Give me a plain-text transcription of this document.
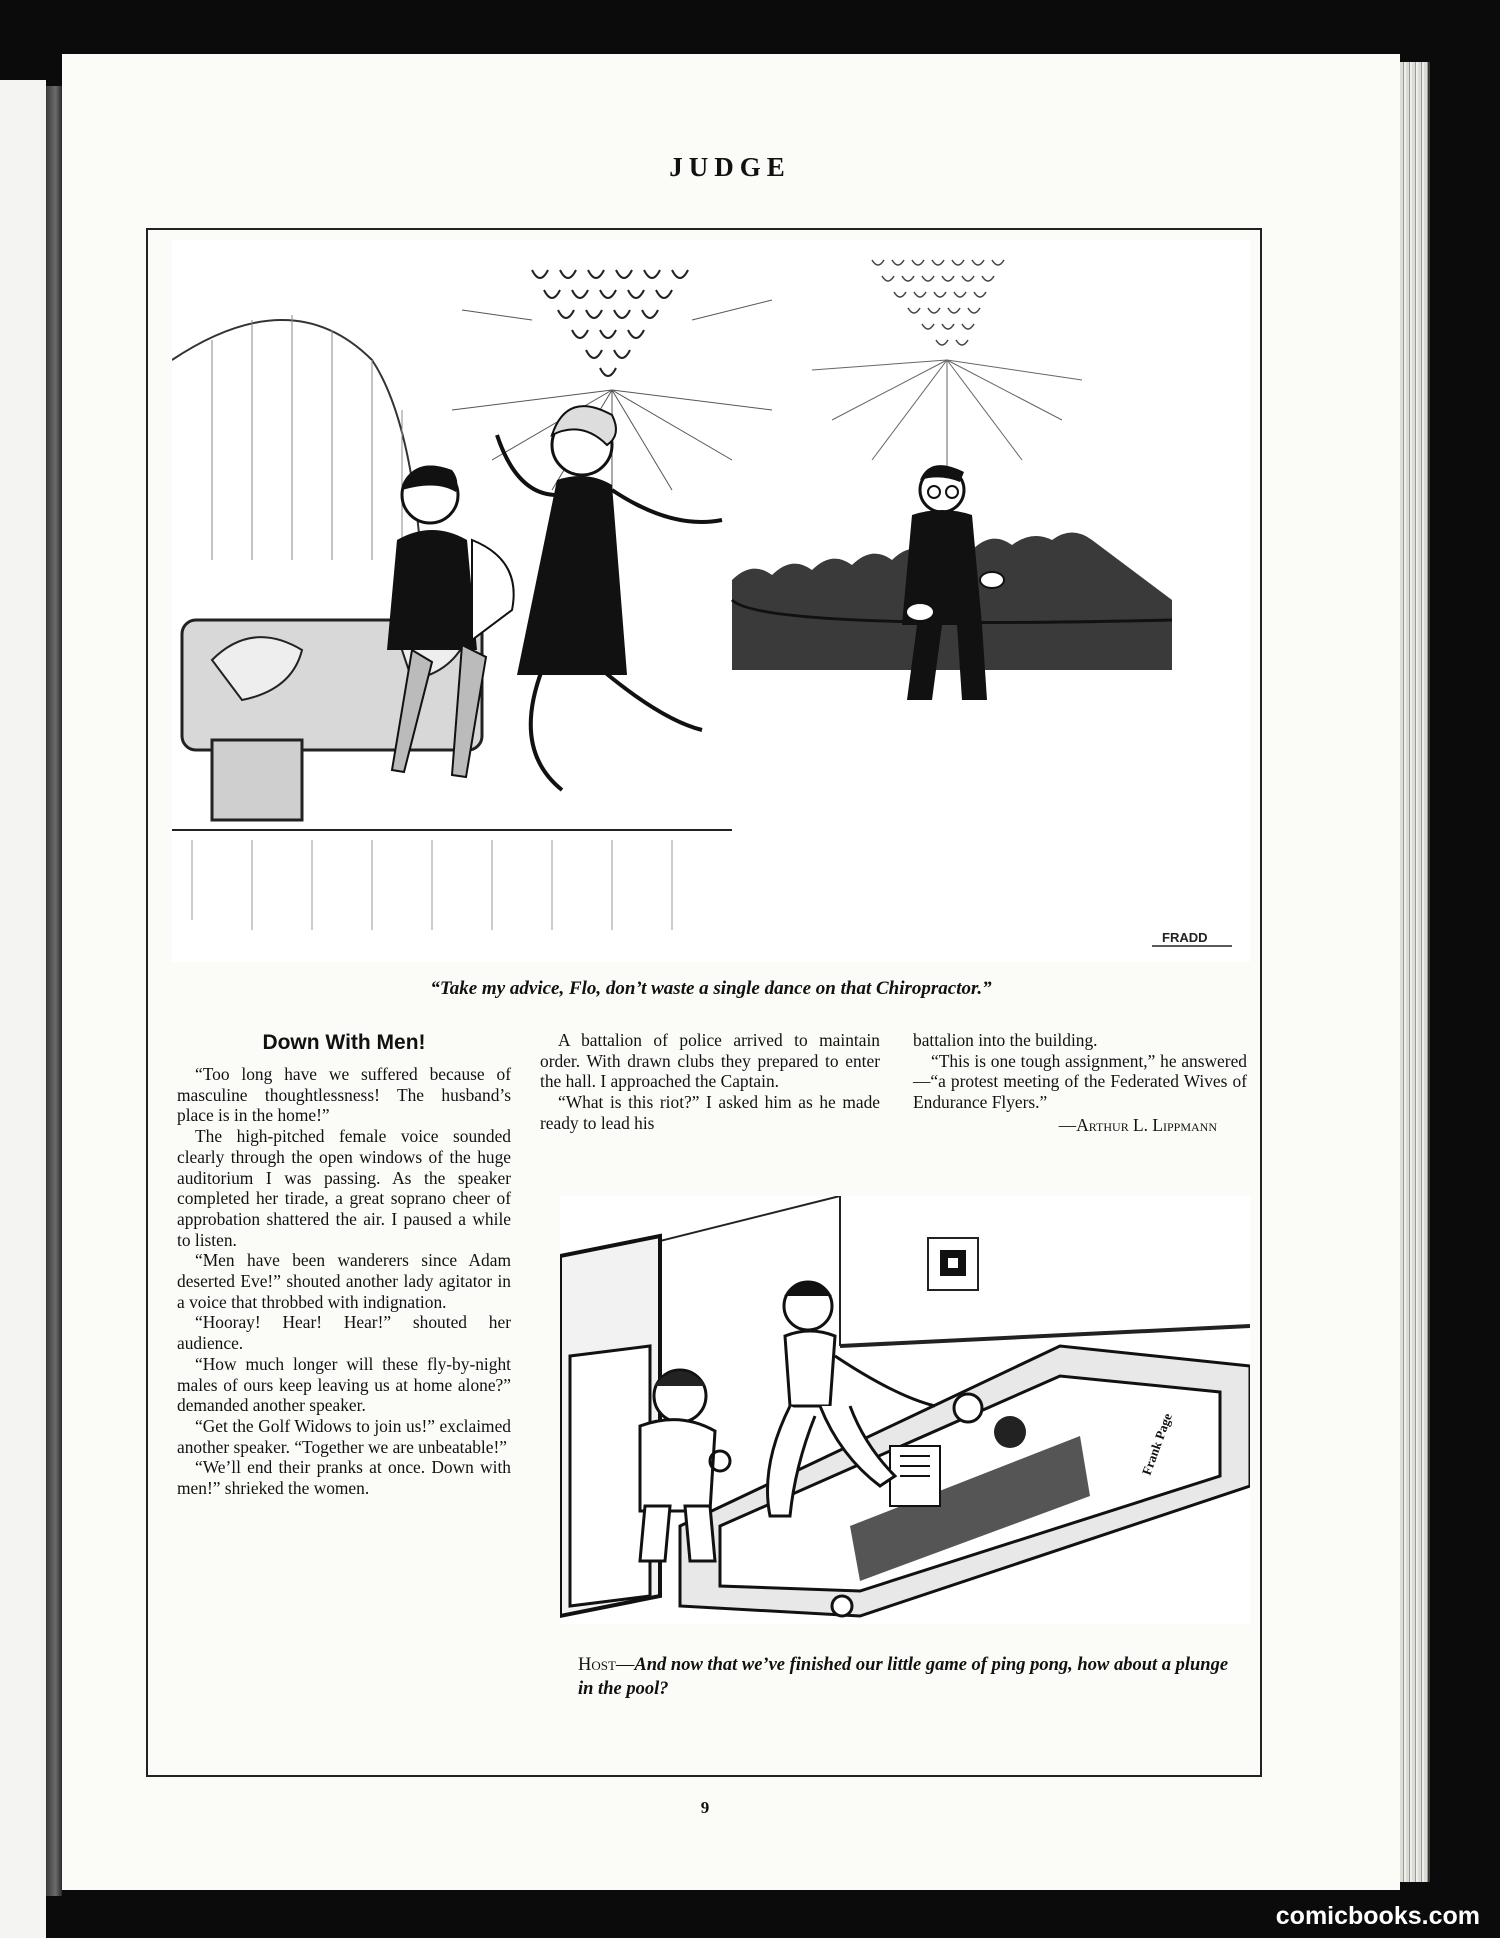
JUDGE
FRADD
“Take my advice, Flo, don’t waste a single dance on that Chiropractor.”
Down With Men!

“Too long have we suffered because of masculine thoughtlessness! The husband’s place is in the home!”

The high-pitched female voice sounded clearly through the open windows of the huge auditorium I was passing. As the speaker completed her tirade, a great soprano cheer of approbation shattered the air. I paused a while to listen.

“Men have been wanderers since Adam deserted Eve!” shouted another lady agitator in a voice that throbbed with indignation.

“Hooray! Hear! Hear!” shouted her audience.

“How much longer will these fly-by-night males of ours keep leaving us at home alone?” demanded another speaker.

“Get the Golf Widows to join us!” exclaimed another speaker. “Together we are unbeatable!”

“We’ll end their pranks at once. Down with men!” shrieked the women.

A battalion of police arrived to maintain order. With drawn clubs they prepared to enter the hall. I approached the Captain.

“What is this riot?” I asked him as he made ready to lead his

battalion into the building.

“This is one tough assignment,” he answered—“a protest meeting of the Federated Wives of Endurance Flyers.”

—Arthur L. Lippmann
Frank Page
Host—And now that we’ve finished our little game of ping pong, how about a plunge in the pool?
9
comicbooks.com
